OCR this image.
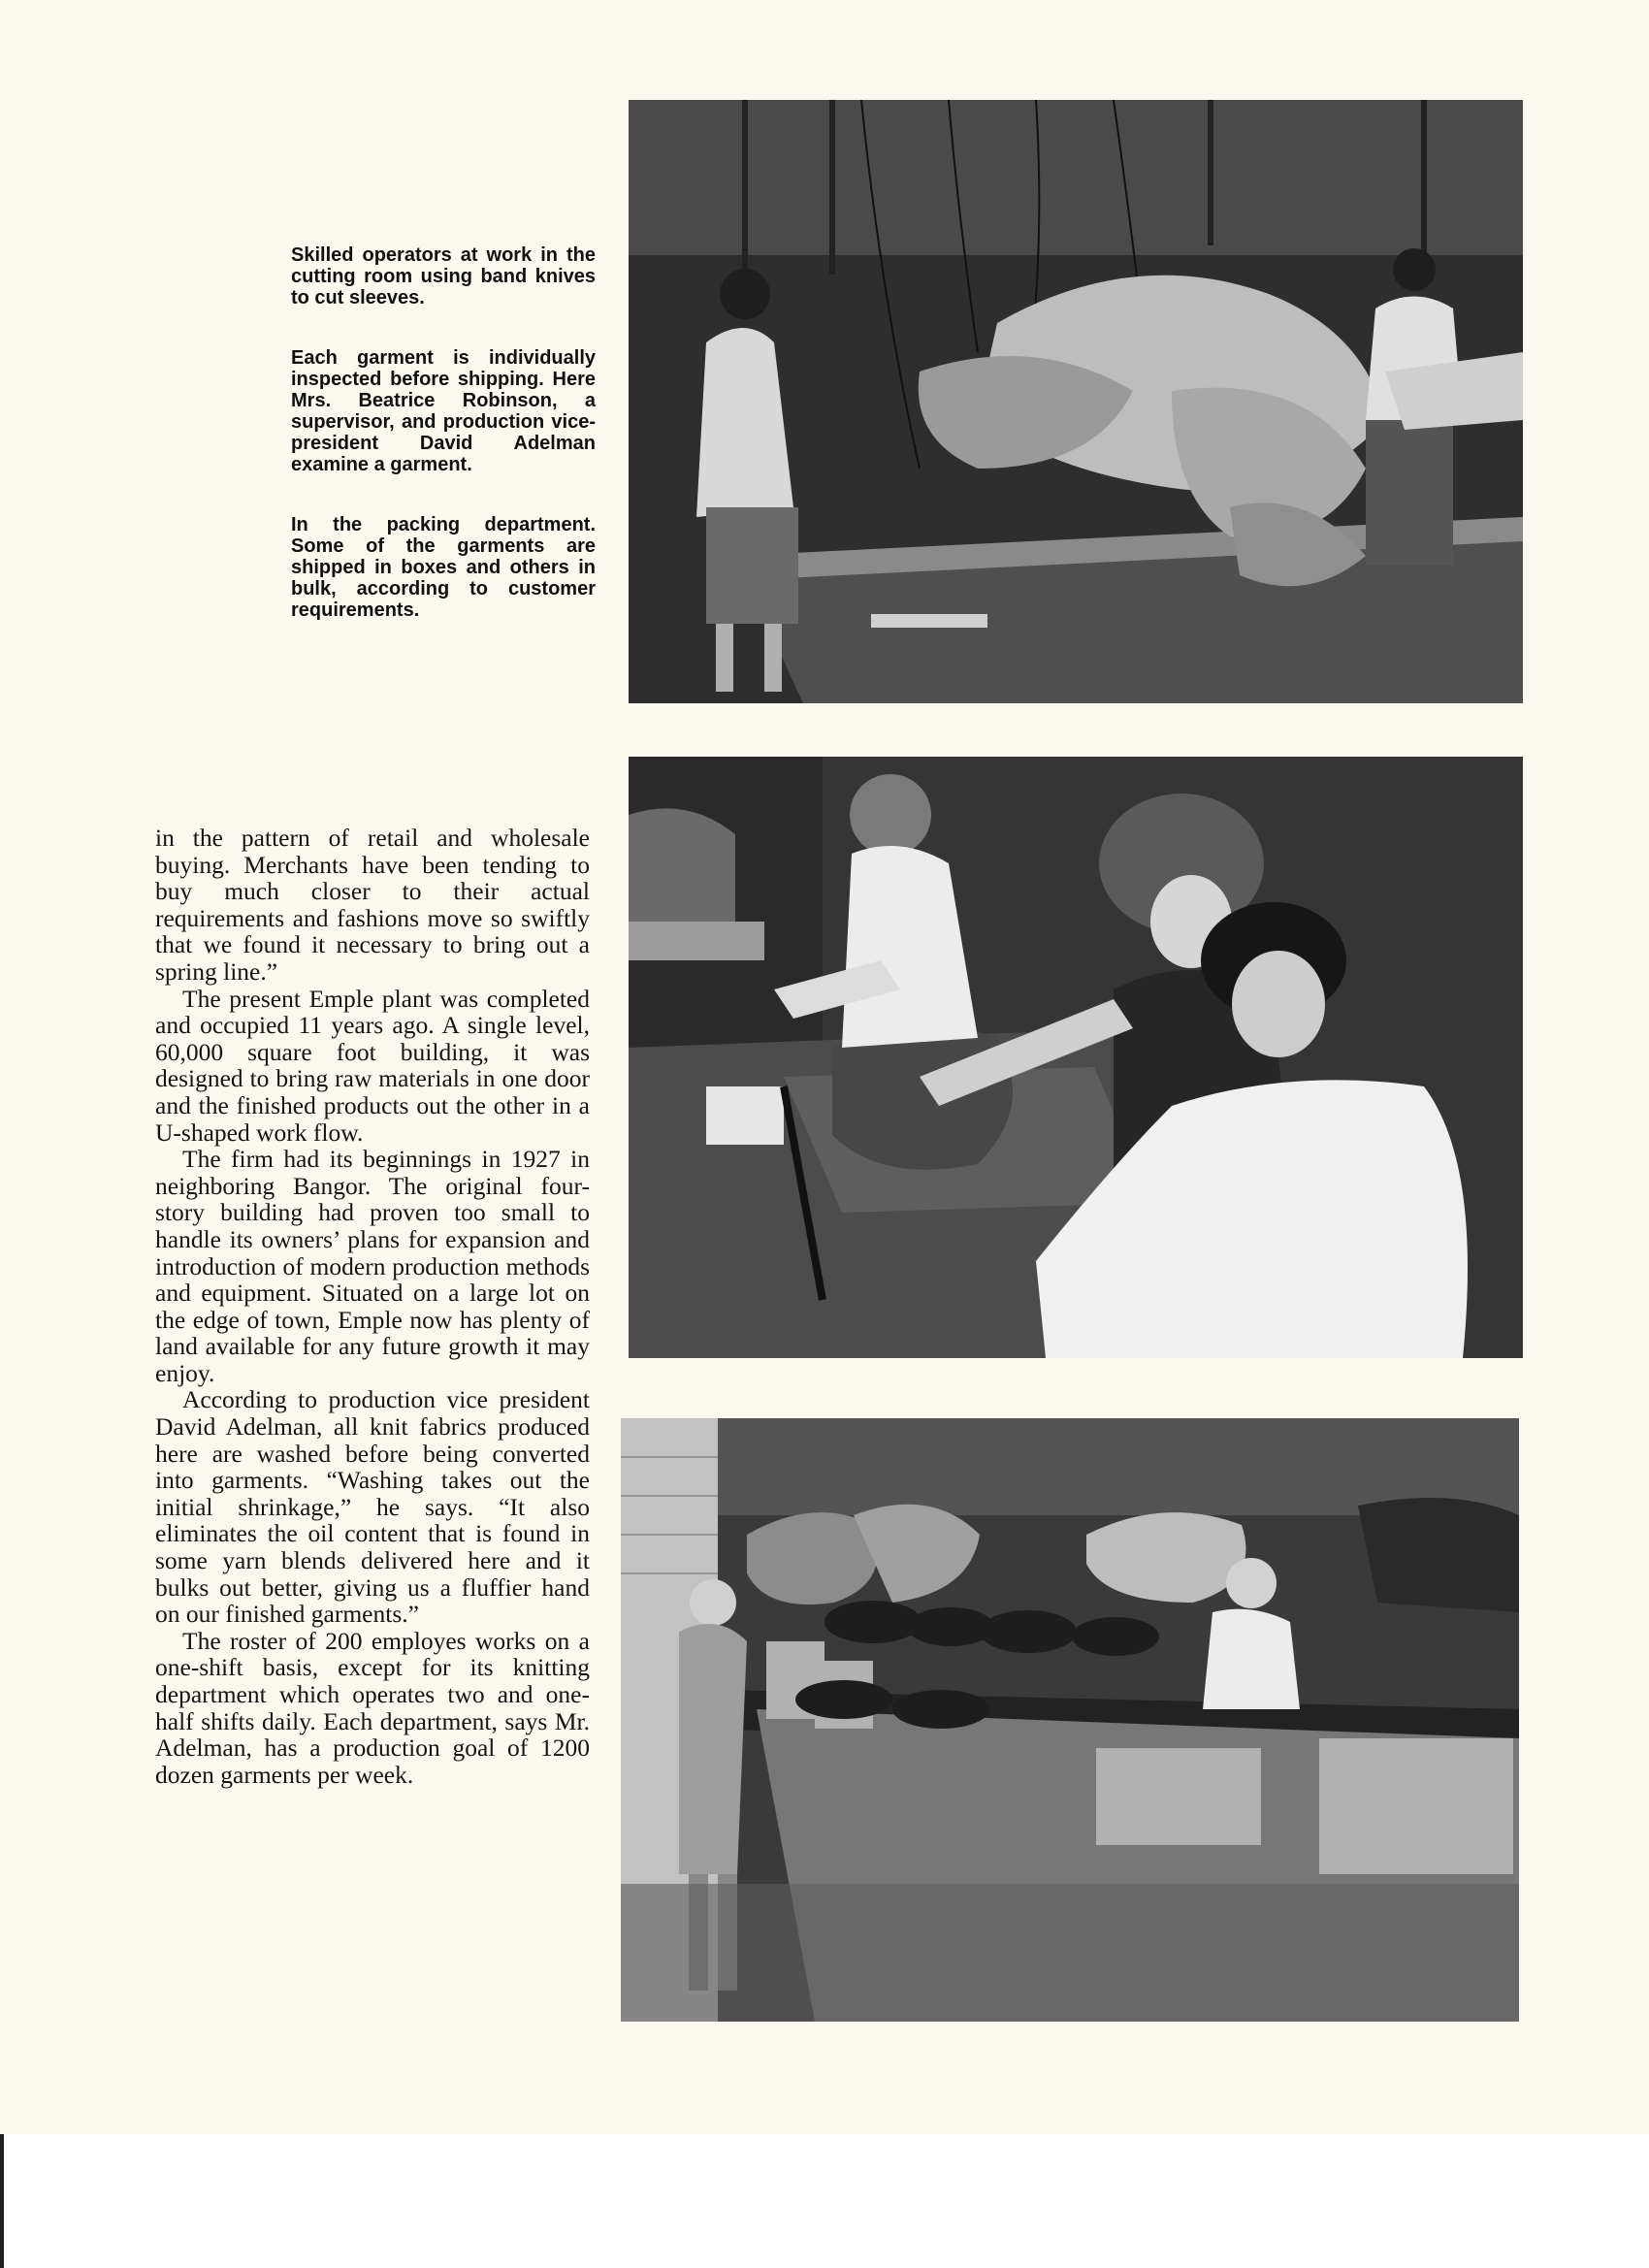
Skilled operators at work in the cutting room using band knives to cut sleeves.
Each garment is individually inspected before shipping. Here Mrs. Beatrice Robinson, a supervisor, and production vice-president David Adelman examine a garment.
In the packing department. Some of the garments are shipped in boxes and others in bulk, according to customer requirements.

in the pattern of retail and wholesale buying. Merchants have been tending to buy much closer to their actual requirements and fashions move so swiftly that we found it necessary to bring out a spring line.”

The present Emple plant was completed and occupied 11 years ago. A single level, 60,000 square foot building, it was designed to bring raw materials in one door and the finished products out the other in a U-shaped work flow.

The firm had its beginnings in 1927 in neighboring Bangor. The original four-story building had proven too small to handle its owners’ plans for expansion and introduction of modern production methods and equipment. Situated on a large lot on the edge of town, Emple now has plenty of land available for any future growth it may enjoy.

According to production vice president David Adelman, all knit fabrics produced here are washed before being converted into garments. “Washing takes out the initial shrinkage,” he says. “It also eliminates the oil content that is found in some yarn blends delivered here and it bulks out better, giving us a fluffier hand on our finished garments.”

The roster of 200 employes works on a one-shift basis, except for its knitting department which operates two and one-half shifts daily. Each department, says Mr. Adelman, has a production goal of 1200 dozen garments per week.
